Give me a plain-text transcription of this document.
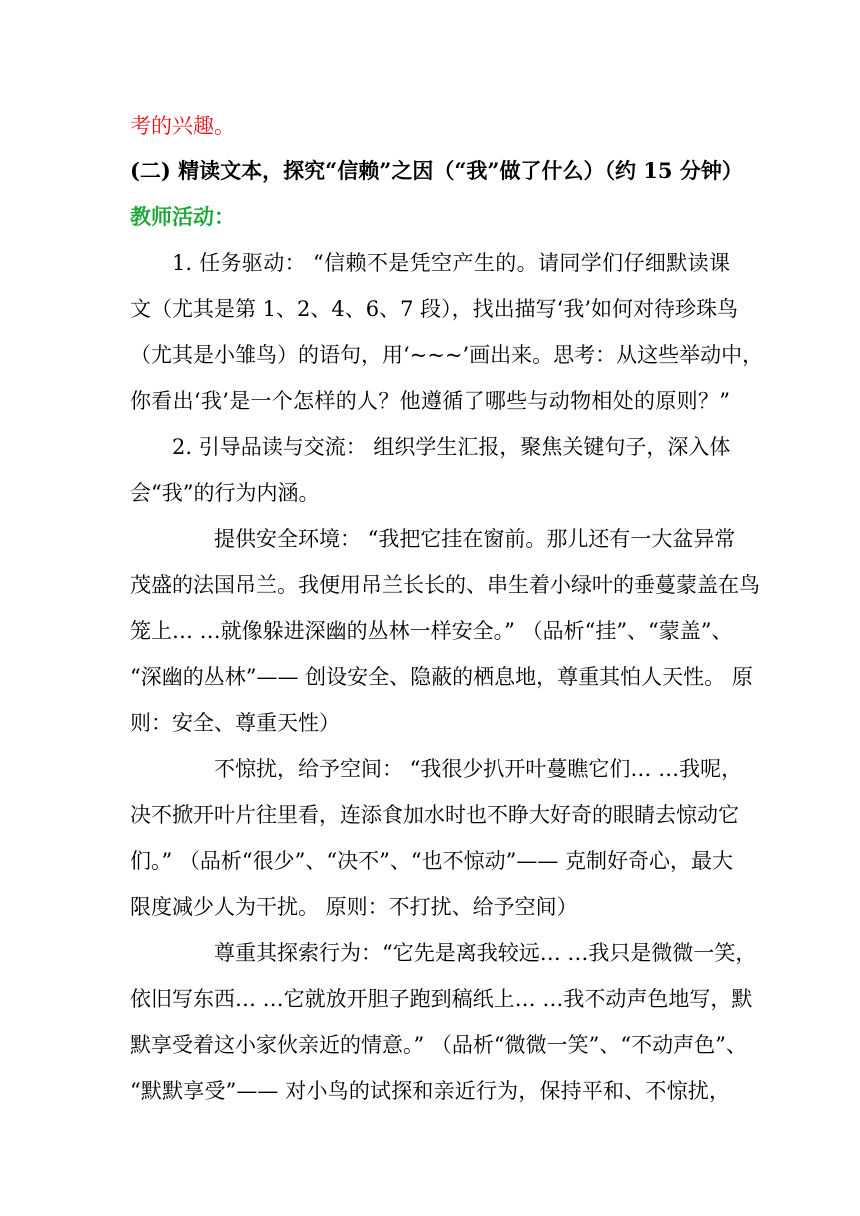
考的兴趣。
(二) 精读文本，探究“信赖”之因（“我”做了什么）（约 15 分钟）
教师活动：
1. 任务驱动： “信赖不是凭空产生的。请同学们仔细默读课
文（尤其是第 1、2、4、6、7 段），找出描写‘我’如何对待珍珠鸟
（尤其是小雏鸟）的语句，用‘~~~’画出来。思考：从这些举动中，
你看出‘我’是一个怎样的人？他遵循了哪些与动物相处的原则？”
2. 引导品读与交流： 组织学生汇报，聚焦关键句子，深入体
会“我”的行为内涵。
提供安全环境： “我把它挂在窗前。那儿还有一大盆异常
茂盛的法国吊兰。我便用吊兰长长的、串生着小绿叶的垂蔓蒙盖在鸟
笼上… …就像躲进深幽的丛林一样安全。” （品析“挂”、“蒙盖”、
“深幽的丛林”—— 创设安全、隐蔽的栖息地，尊重其怕人天性。 原
则：安全、尊重天性）
不惊扰，给予空间： “我很少扒开叶蔓瞧它们… …我呢，
决不掀开叶片往里看，连添食加水时也不睁大好奇的眼睛去惊动它
们。” （品析“很少”、“决不”、“也不惊动”—— 克制好奇心，最大
限度减少人为干扰。 原则：不打扰、给予空间）
尊重其探索行为：“它先是离我较远… …我只是微微一笑，
依旧写东西… …它就放开胆子跑到稿纸上… …我不动声色地写，默
默享受着这小家伙亲近的情意。” （品析“微微一笑”、“不动声色”、
“默默享受”—— 对小鸟的试探和亲近行为，保持平和、不惊扰，
